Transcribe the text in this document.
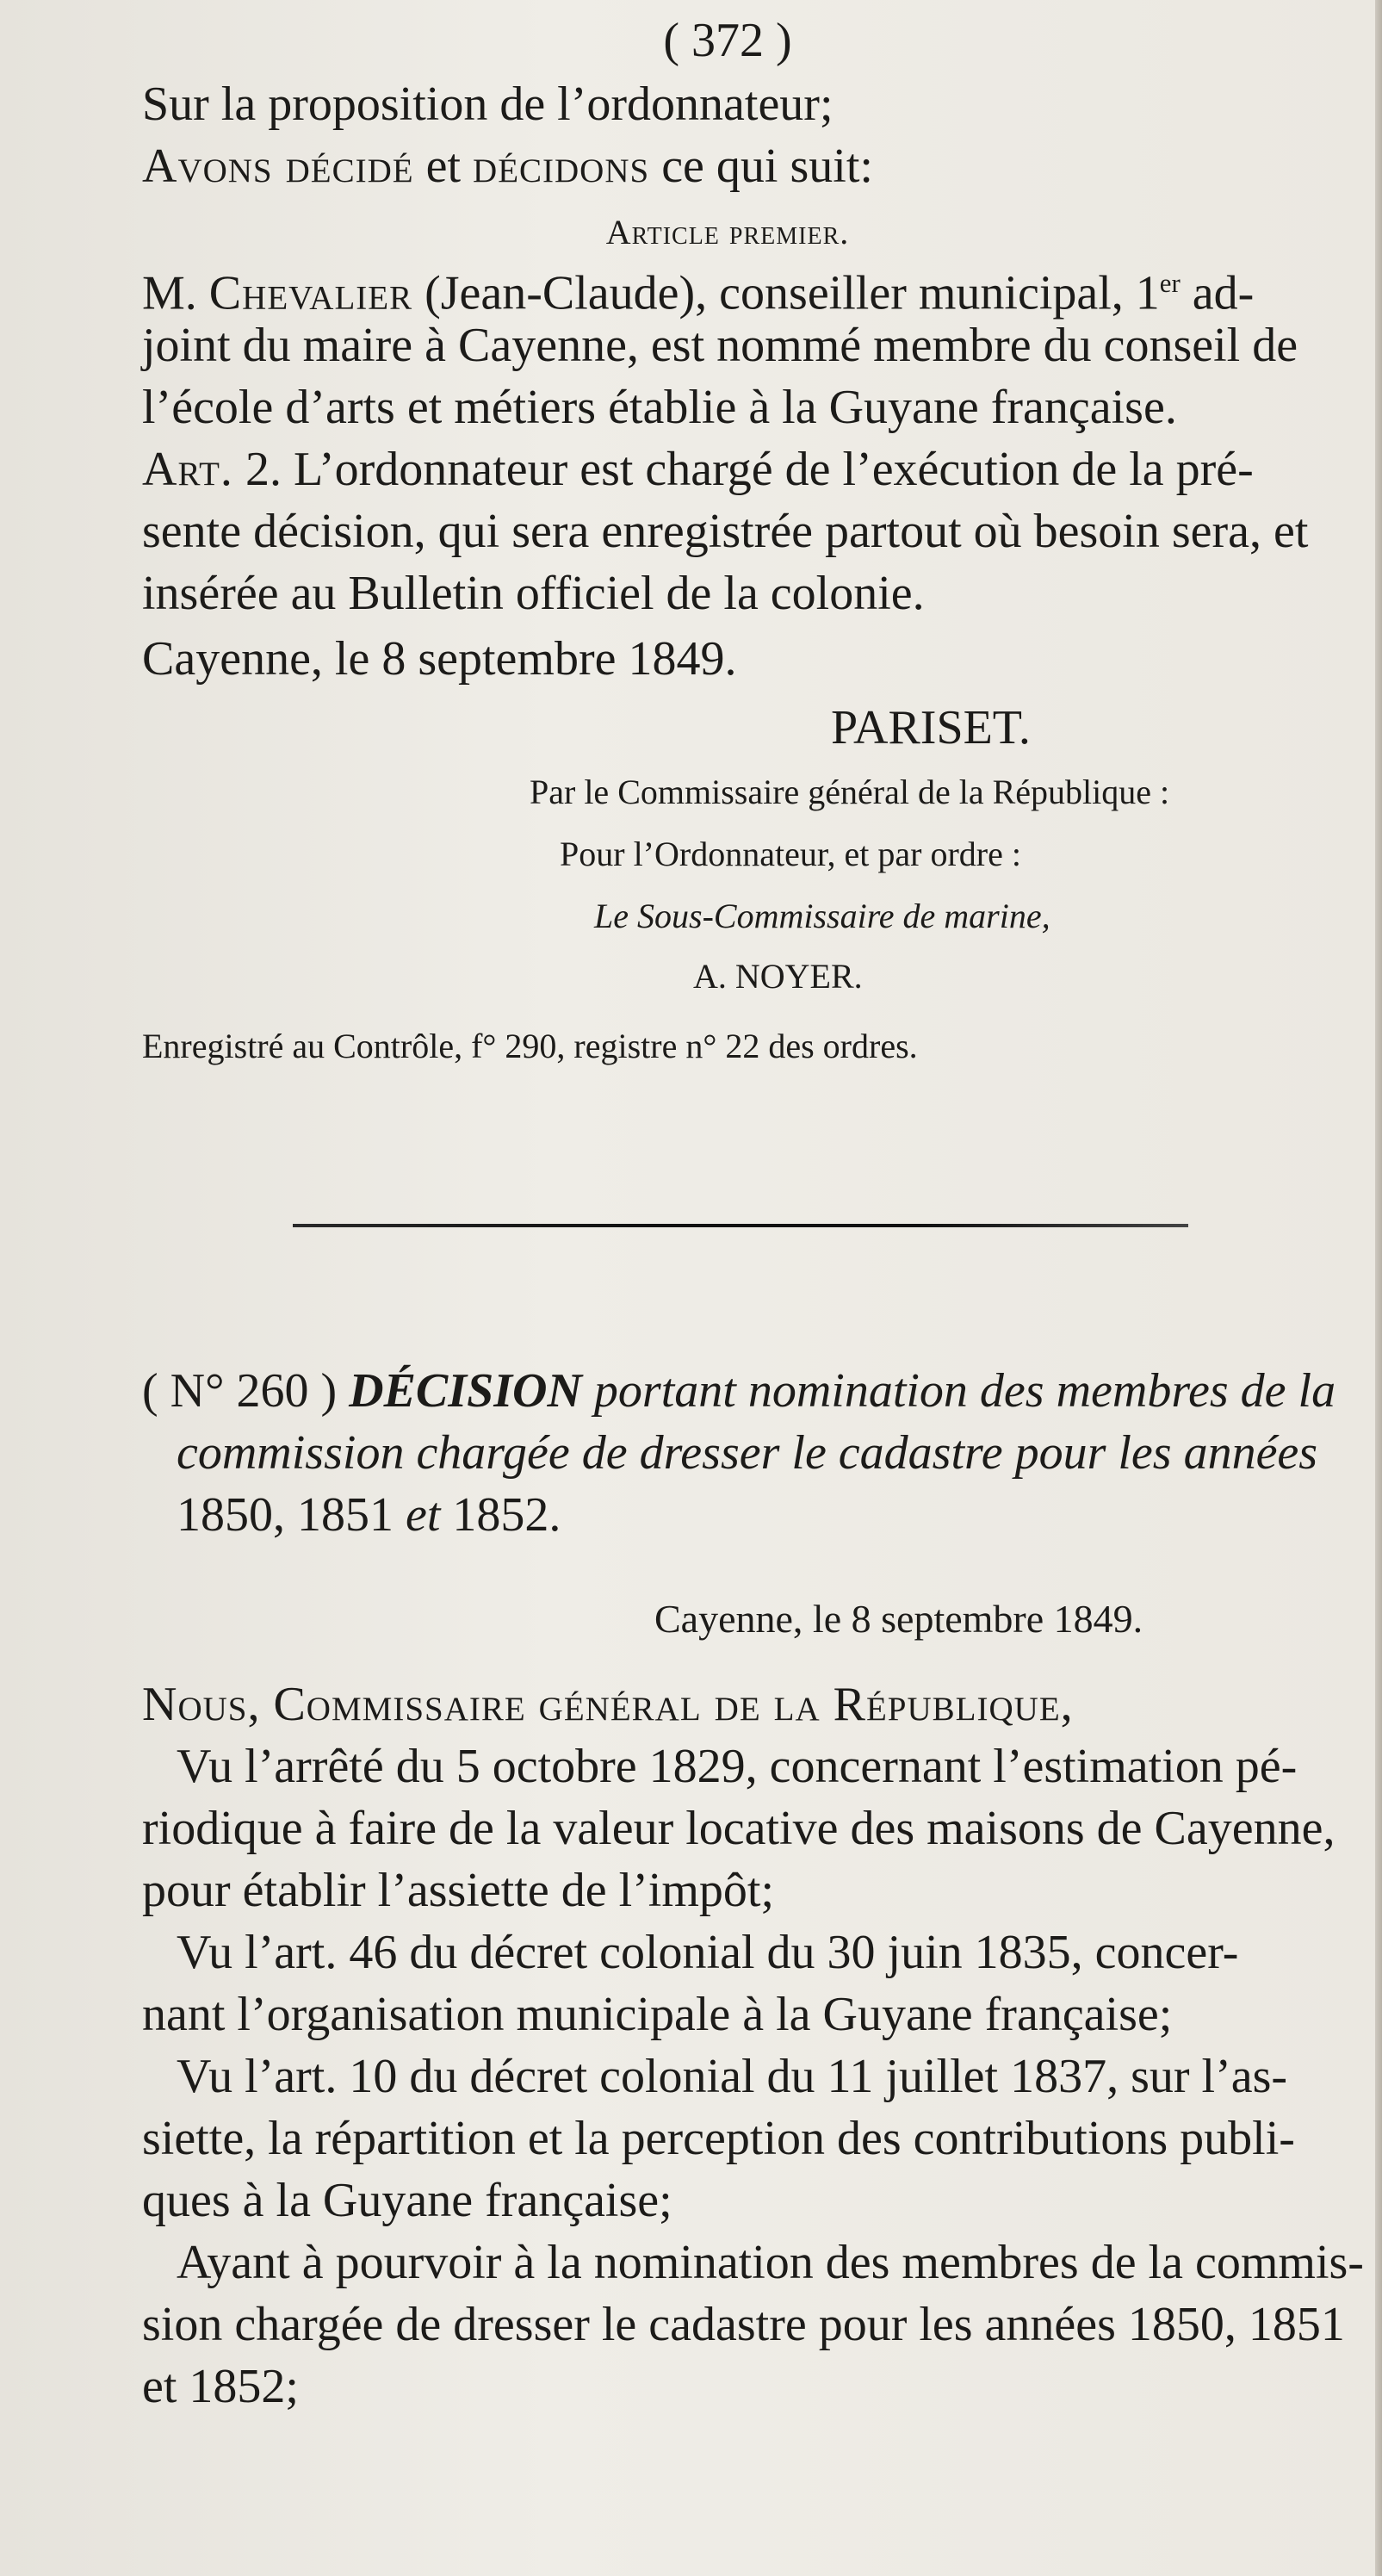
( 372 )
Sur la proposition de l’ordonnateur;
Avons décidé et décidons ce qui suit:
Article premier.
M. Chevalier (Jean-Claude), conseiller municipal, 1er ad-
joint du maire à Cayenne, est nommé membre du conseil de
l’école d’arts et métiers établie à la Guyane française.
Art. 2. L’ordonnateur est chargé de l’exécution de la pré-
sente décision, qui sera enregistrée partout où besoin sera, et
insérée au Bulletin officiel de la colonie.
Cayenne, le 8 septembre 1849.
PARISET.
Par le Commissaire général de la République :
Pour l’Ordonnateur, et par ordre :
Le Sous-Commissaire de marine,
A. NOYER.
Enregistré au Contrôle, f° 290, registre n° 22 des ordres.
( N° 260 ) DÉCISION portant nomination des membres de la
commission chargée de dresser le cadastre pour les années
1850, 1851 et 1852.
Cayenne, le 8 septembre 1849.
Nous, Commissaire général de la République,
Vu l’arrêté du 5 octobre 1829, concernant l’estimation pé-
riodique à faire de la valeur locative des maisons de Cayenne,
pour établir l’assiette de l’impôt;
Vu l’art. 46 du décret colonial du 30 juin 1835, concer-
nant l’organisation municipale à la Guyane française;
Vu l’art. 10 du décret colonial du 11 juillet 1837, sur l’as-
siette, la répartition et la perception des contributions publi-
ques à la Guyane française;
Ayant à pourvoir à la nomination des membres de la commis-
sion chargée de dresser le cadastre pour les années 1850, 1851
et 1852;
